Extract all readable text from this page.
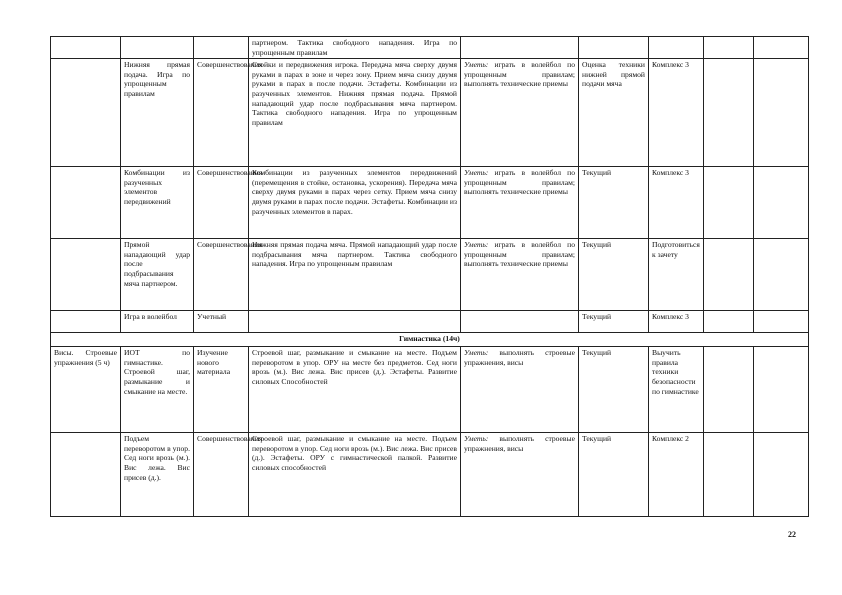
			партнером. Тактика свободного нападения. Игра по упрощенным правилам					
	Нижняя прямая подача. Игра по упрощенным правилам	Совершенствования	Стойки и передвижения игрока. Передача мяча сверху двумя руками в парах в зоне и через зону. Прием мяча снизу двумя руками в парах в после подачи. Эстафеты. Комбинации из разученных элементов. Нижняя прямая подача. Прямой нападающий удар после подбрасывания мяча партнером. Тактика свободного нападения. Игра по упрощенным правилам	Уметь: играть в волейбол по упрощенным правилам; выполнять технические приемы	Оценка техники нижней прямой подачи мяча	Комплекс 3		
	Комбинации из разученных элементов передвижений	Совершенствования	Комбинации из разученных элементов передвижений (перемещения в стойке, остановка, ускорения). Передача мяча сверху двумя руками в парах через сетку. Прием мяча снизу двумя руками в парах после подачи. Эстафеты. Комбинации из разученных элементов в парах.	Уметь: играть в волейбол по упрощенным правилам; выполнять технические приемы	Текущий	Комплекс 3		
	Прямой нападающий удар после подбрасывания мяча партнером.	Совершенствования	Нижняя прямая подача мяча. Прямой нападающий удар после подбрасывания мяча партнером. Тактика свободного нападения. Игра по упрощенным правилам	Уметь: играть в волейбол по упрощенным правилам; выполнять технические приемы	Текущий	Подготовиться к зачету		
	Игра в волейбол	Учетный			Текущий	Комплекс 3		
Гимнастика (14ч)								
Висы. Строевые упражнения (5 ч)	ИОТ по гимнастике. Строевой шаг, размыкание и смыкание на месте.	Изучение нового материала	Строевой шаг, размыкание и смыкание на месте. Подъем переворотом в упор. ОРУ на месте без предметов. Сед ноги врозь (м.). Вис лежа. Вис присев (д.). Эстафеты. Развитие силовых Способностей	Уметь: выполнять строевые упражнения, висы	Текущий	Выучить правила техники безопасности по гимнастике		
	Подъем переворотом в упор. Сед ноги врозь (м.). Вис лежа. Вис присев (д.).	Совершенствования	Строевой шаг, размыкание и смыкание на месте. Подъем переворотом в упор. Сед ноги врозь (м.). Вис лежа. Вис присев (д.). Эстафеты. ОРУ с гимнастической палкой. Развитие силовых способностей	Уметь: выполнять строевые упражнения, висы	Текущий	Комплекс 2		
22
